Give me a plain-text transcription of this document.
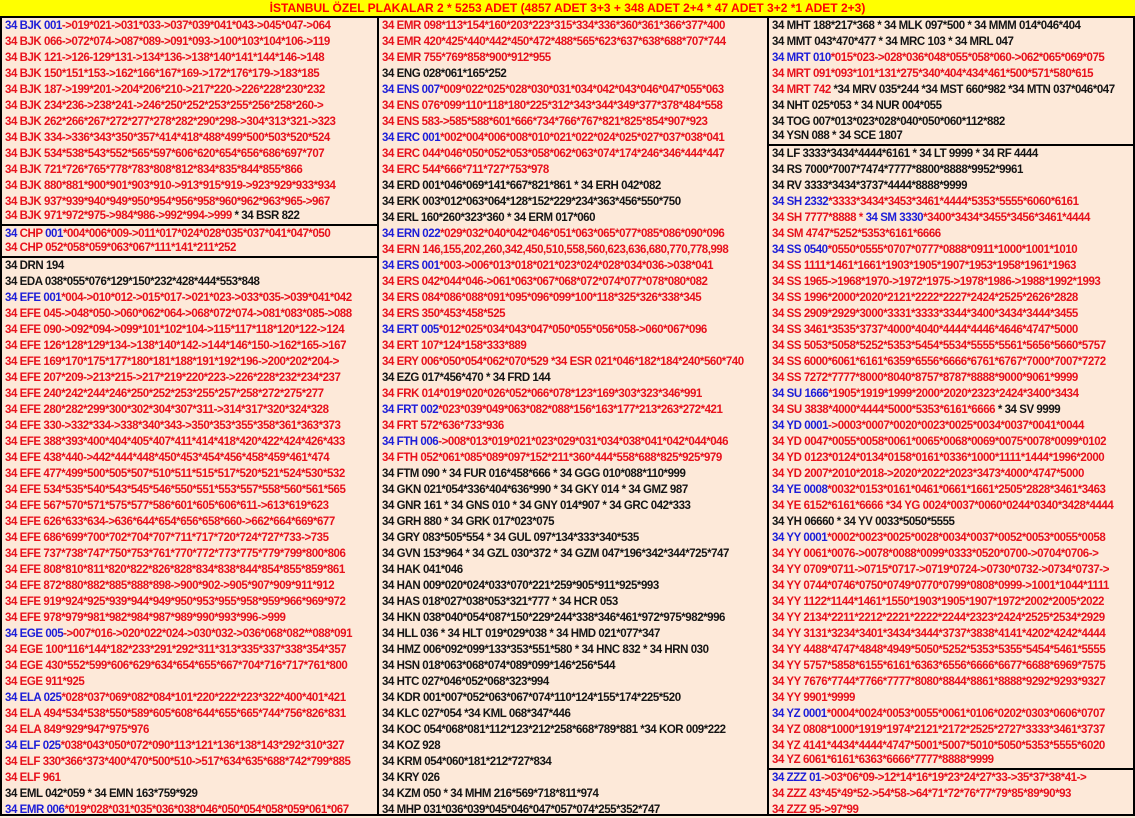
İSTANBUL ÖZEL PLAKALAR 2 * 5253 ADET (4857 ADET 3+3 + 348 ADET 2+4 * 47 ADET 3+2 *1 ADET 2+3)
34 BJK 001->019*021->031*033->037*039*041*043->045*047->064
34 BJK 066->072*074->087*089->091*093->100*103*104*106->119
34 BJK 121->126-129*131->134*136->138*140*141*144*146->148
34 BJK 150*151*153->162*166*167*169->172*176*179->183*185
34 BJK 187->199*201->204*206*210->217*220->226*228*230*232
34 BJK 234*236->238*241->246*250*252*253*255*256*258*260->
34 BJK 262*266*267*272*277*278*282*290*298->304*313*321->323
34 BJK 334->336*343*350*357*414*418*488*499*500*503*520*524
34 BJK 534*538*543*552*565*597*606*620*654*656*686*697*707
34 BJK 721*726*765*778*783*808*812*834*835*844*855*866
34 BJK 880*881*900*901*903*910->913*915*919->923*929*933*934
34 BJK 937*939*940*949*950*954*956*958*960*962*963*965->967
34 BJK 971*972*975->984*986->992*994->999 * 34 BSR 822
34 CHP 001*004*006*009->011*017*024*028*035*037*041*047*050
34 CHP 052*058*059*063*067*111*141*211*252
34 DRN 194
34 EDA 038*055*076*129*150*232*428*444*553*848
34 EFE 001*004->010*012->015*017->021*023->033*035->039*041*042
34 EFE 045->048*050->060*062*064->068*072*074->081*083*085->088
34 EFE 090->092*094->099*101*102*104->115*117*118*120*122->124
34 EFE 126*128*129*134->138*140*142->144*146*150->162*165->167
34 EFE 169*170*175*177*180*181*188*191*192*196->200*202*204->
34 EFE 207*209->213*215->217*219*220*223->226*228*232*234*237
34 EFE 240*242*244*246*250*252*253*255*257*258*272*275*277
34 EFE 280*282*299*300*302*304*307*311->314*317*320*324*328
34 EFE 330->332*334->338*340*343->350*353*355*358*361*363*373
34 EFE 388*393*400*404*405*407*411*414*418*420*422*424*426*433
34 EFE 438*440->442*444*448*450*453*454*456*458*459*461*474
34 EFE 477*499*500*505*507*510*511*515*517*520*521*524*530*532
34 EFE 534*535*540*543*545*546*550*551*553*557*558*560*561*565
34 EFE 567*570*571*575*577*586*601*605*606*611->613*619*623
34 EFE 626*633*634->636*644*654*656*658*660->662*664*669*677
34 EFE 686*699*700*702*704*707*711*717*720*724*727*733->735
34 EFE 737*738*747*750*753*761*770*772*773*775*779*799*800*806
34 EFE 808*810*811*820*822*826*828*834*838*844*854*855*859*861
34 EFE 872*880*882*885*888*898->900*902->905*907*909*911*912
34 EFE 919*924*925*939*944*949*950*953*955*958*959*966*969*972
34 EFE 978*979*981*982*984*987*989*990*993*996->999
34 EGE 005->007*016->020*022*024->030*032->036*068*082**088*091
34 EGE 100*116*144*182*233*291*292*311*313*335*337*338*354*357
34 EGE 430*552*599*606*629*634*654*655*667*704*716*717*761*800
34 EGE 911*925
34 ELA 025*028*037*069*082*084*101*220*222*223*322*400*401*421
34 ELA 494*534*538*550*589*605*608*644*655*665*744*756*826*831
34 ELA 849*929*947*975*976
34 ELF 025*038*043*050*072*090*113*121*136*138*143*292*310*327
34 ELF 330*366*373*400*470*500*510->517*634*635*688*742*799*885
34 ELF 961
34 EML 042*059 * 34 EMN 163*759*929
34 EMR 006*019*028*031*035*036*038*046*050*054*058*059*061*067
34 EMR 098*113*154*160*203*223*315*334*336*360*361*366*377*400
34 EMR 420*425*440*442*450*472*488*565*623*637*638*688*707*744
34 EMR 755*769*858*900*912*955
34 ENG 028*061*165*252
34 ENS 007*009*022*025*028*030*031*034*042*043*046*047*055*063
34 ENS 076*099*110*118*180*225*312*343*344*349*377*378*484*558
34 ENS 583->585*588*601*666*734*766*767*821*825*854*907*923
34 ERC 001*002*004*006*008*010*021*022*024*025*027*037*038*041
34 ERC 044*046*050*052*053*058*062*063*074*174*246*346*444*447
34 ERC 544*666*711*727*753*978
34 ERD 001*046*069*141*667*821*861 * 34 ERH 042*082
34 ERK 003*012*063*064*128*152*229*234*363*456*550*750
34 ERL 160*260*323*360 * 34 ERM 017*060
34 ERN 022*029*032*040*042*046*051*063*065*077*085*086*090*096
34 ERN 146,155,202,260,342,450,510,558,560,623,636,680,770,778,998
34 ERS 001*003->006*013*018*021*023*024*028*034*036->038*041
34 ERS 042*044*046->061*063*067*068*072*074*077*078*080*082
34 ERS 084*086*088*091*095*096*099*100*118*325*326*338*345
34 ERS 350*453*458*525
34 ERT 005*012*025*034*043*047*050*055*056*058->060*067*096
34 ERT 107*124*158*333*889
34 ERY 006*050*054*062*070*529 *34 ESR 021*046*182*184*240*560*740
34 EZG 017*456*470 * 34 FRD 144
34 FRK 014*019*020*026*052*066*078*123*169*303*323*346*991
34 FRT 002*023*039*049*063*082*088*156*163*177*213*263*272*421
34 FRT 572*636*733*936
34 FTH 006->008*013*019*021*023*029*031*034*038*041*042*044*046
34 FTH 052*061*085*089*097*152*211*360*444*558*688*825*925*979
34 FTM 090 * 34 FUR 016*458*666 * 34 GGG 010*088*110*999
34 GKN 021*054*336*404*636*990 * 34 GKY 014 * 34 GMZ 987
34 GNR 161 * 34 GNS 010 * 34 GNY 014*907 * 34 GRC 042*333
34 GRH 880 * 34 GRK 017*023*075
34 GRY 083*505*554 * 34 GUL 097*134*333*340*535
34 GVN 153*964 * 34 GZL 030*372 * 34 GZM 047*196*342*344*725*747
34 HAK 041*046
34 HAN 009*020*024*033*070*221*259*905*911*925*993
34 HAS 018*027*038*053*321*777 * 34 HCR 053
34 HKN 038*040*054*087*150*229*244*338*346*461*972*975*982*996
34 HLL 036 * 34 HLT 019*029*038 * 34 HMD 021*077*347
34 HMZ 006*092*099*133*353*551*580 * 34 HNC 832 * 34 HRN 030
34 HSN 018*063*068*074*089*099*146*256*544
34 HTC 027*046*052*068*323*994
34 KDR 001*007*052*063*067*074*110*124*155*174*225*520
34 KLC 027*054 *34 KML 068*347*446
34 KOC 054*068*081*112*123*212*258*668*789*881 *34 KOR 009*222
34 KOZ 928
34 KRM 054*060*181*212*727*834
34 KRY 026
34 KZM 050 * 34 MHM 216*569*718*811*974
34 MHP 031*036*039*045*046*047*057*074*255*352*747
34 MHT 188*217*368 * 34 MLK 097*500 * 34 MMM 014*046*404
34 MMT 043*470*477 * 34 MRC 103 * 34 MRL 047
34 MRT 010*015*023->028*036*048*055*058*060->062*065*069*075
34 MRT 091*093*101*131*275*340*404*434*461*500*571*580*615
34 MRT 742 *34 MRV 035*244 *34 MST 660*982 *34 MTN 037*046*047
34 NHT 025*053 * 34 NUR 004*055
34 TOG 007*013*023*028*040*050*060*112*882
34 YSN 088 * 34 SCE 1807
34 LF 3333*3434*4444*6161 * 34 LT 9999 * 34 RF 4444
34 RS 7000*7007*7474*7777*8800*8888*9952*9961
34 RV 3333*3434*3737*4444*8888*9999
34 SH 2332*3333*3434*3453*3461*4444*5353*5555*6060*6161
34 SH 7777*8888 * 34 SM 3330*3400*3434*3455*3456*3461*4444
34 SM 4747*5252*5353*6161*6666
34 SS 0540*0550*0555*0707*0777*0888*0911*1000*1001*1010
34 SS 1111*1461*1661*1903*1905*1907*1953*1958*1961*1963
34 SS 1965->1968*1970->1972*1975->1978*1986->1988*1992*1993
34 SS 1996*2000*2020*2121*2222*2227*2424*2525*2626*2828
34 SS 2909*2929*3000*3331*3333*3344*3400*3434*3444*3455
34 SS 3461*3535*3737*4000*4040*4444*4446*4646*4747*5000
34 SS 5053*5058*5252*5353*5454*5534*5555*5561*5656*5660*5757
34 SS 6000*6061*6161*6359*6556*6666*6761*6767*7000*7007*7272
34 SS 7272*7777*8000*8040*8757*8787*8888*9000*9061*9999
34 SU 1666*1905*1919*1999*2000*2020*2323*2424*3400*3434
34 SU 3838*4000*4444*5000*5353*6161*6666 * 34 SV 9999
34 YD 0001->0003*0007*0020*0023*0025*0034*0037*0041*0044
34 YD 0047*0055*0058*0061*0065*0068*0069*0075*0078*0099*0102
34 YD 0123*0124*0134*0158*0161*0336*1000*1111*1444*1996*2000
34 YD 2007*2010*2018->2020*2022*2023*3473*4000*4747*5000
34 YE 0008*0032*0153*0161*0461*0661*1661*2505*2828*3461*3463
34 YE 6152*6161*6666 *34 YG 0024*0037*0060*0244*0340*3428*4444
34 YH 06660 * 34 YV 0033*5050*5555
34 YY 0001*0002*0023*0025*0028*0034*0037*0052*0053*0055*0058
34 YY 0061*0076->0078*0088*0099*0333*0520*0700->0704*0706->
34 YY 0709*0711->0715*0717->0719*0724->0730*0732->0734*0737->
34 YY 0744*0746*0750*0749*0770*0799*0808*0999->1001*1044*1111
34 YY 1122*1144*1461*1550*1903*1905*1907*1972*2002*2005*2022
34 YY 2134*2211*2212*2221*2222*2244*2323*2424*2525*2534*2929
34 YY 3131*3234*3401*3434*3444*3737*3838*4141*4202*4242*4444
34 YY 4488*4747*4848*4949*5050*5252*5353*5355*5454*5461*5555
34 YY 5757*5858*6155*6161*6363*6556*6666*6677*6688*6969*7575
34 YY 7676*7744*7766*7777*8080*8844*8861*8888*9292*9293*9327
34 YY 9901*9999
34 YZ 0001*0004*0024*0053*0055*0061*0106*0202*0303*0606*0707
34 YZ 0808*1000*1919*1974*2121*2172*2525*2727*3333*3461*3737
34 YZ 4141*4434*4444*4747*5001*5007*5010*5050*5353*5555*6020
34 YZ 6061*6161*6363*6666*7777*8888*9999
34 ZZZ 01->03*06*09->12*14*16*19*23*24*27*33->35*37*38*41->
34 ZZZ 43*45*49*52->54*58->64*71*72*76*77*79*85*89*90*93
34 ZZZ 95->97*99
